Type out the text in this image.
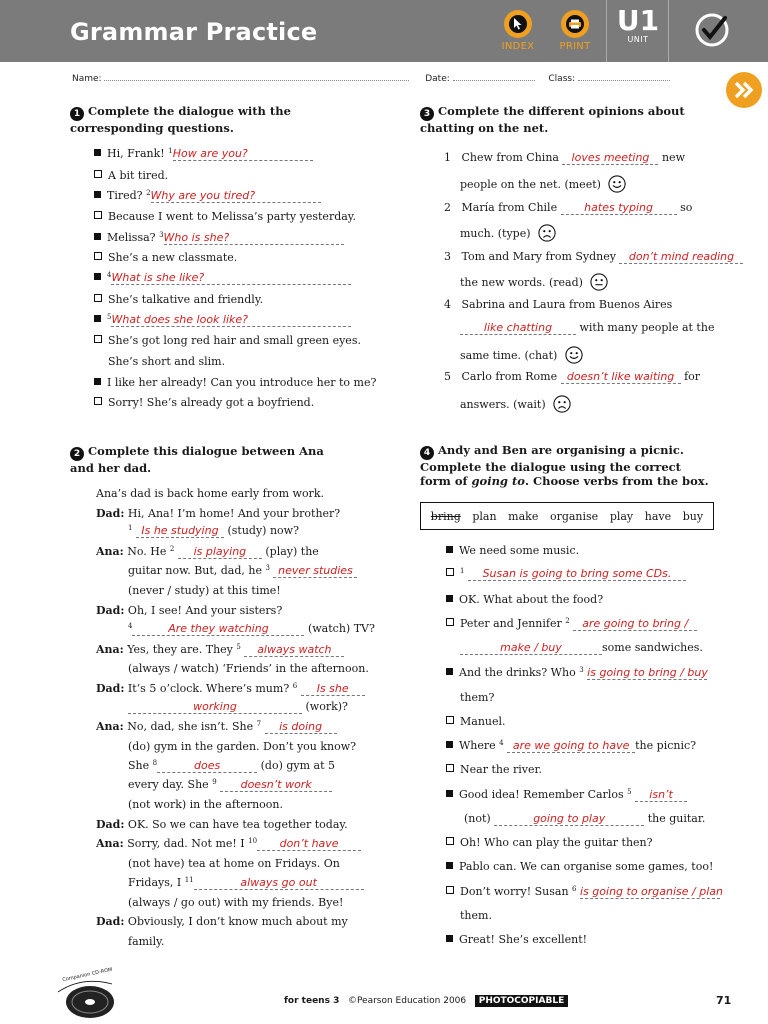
Grammar Practice
INDEX	PRINT
U1
UNIT
Name:	Date:	Class:
1 Complete the dialogue with the
corresponding questions.
Hi, Frank! $^1$How are you?
A bit tired.
Tired? $^2$Why are you tired?
Because I went to Melissa’s party yesterday.
Melissa? $^3$Who is she?
She’s a new classmate.
$^4$What is she like?
She’s talkative and friendly.
$^5$What does she look like?
She’s got long red hair and small green eyes.
She’s short and slim.
I like her already! Can you introduce her to me?
Sorry! She’s already got a boyfriend.
2 Complete this dialogue between Ana
and her dad.
Ana’s dad is back home early from work.
Dad: Hi, Ana! I’m home! And your brother?
$^1$ Is he studying (study) now?
Ana: No. He $^2$ is playing (play) the
guitar now. But, dad, he $^3$ never studies
(never / study) at this time!
Dad: Oh, I see! And your sisters?
$^4$	Are they watching	(watch) TV?
Ana: Yes, they are. They $^5$ always watch
(always / watch) ‘Friends’ in the afternoon.
Dad: It’s 5 o’clock. Where’s mum? $^6$ Is she
working	(work)?
Ana: No, dad, she isn’t. She $^7$ is doing
(do) gym in the garden. Don’t you know?
She $^8$	does	(do) gym at 5
every day. She $^9$ doesn’t work
(not work) in the afternoon.
Dad: OK. So we can have tea together today.
Ana: Sorry, dad. Not me! I $^{10}$ don’t have
(not have) tea at home on Fridays. On
Fridays, I $^{11}$	always go out
(always / go out) with my friends. Bye!
Dad: Obviously, I don’t know much about my
family.
3 Complete the different opinions about
chatting on the net.
1   Chew from China loves meeting new
people on the net. (meet)
2   María from Chile hates typing so
much. (type)
3   Tom and Mary from Sydney don’t mind reading
the new words. (read)
4   Sabrina and Laura from Buenos Aires
like chatting with many people at the
same time. (chat)
5   Carlo from Rome doesn’t like waiting for
answers. (wait)
4 Andy and Ben are organising a picnic.
Complete the dialogue using the correct
form of going to. Choose verbs from the box.
bring plan make organise play have buy
We need some music.
$^1$ Susan is going to bring some CDs.
OK. What about the food?
Peter and Jennifer $^2$ are going to bring /
make / buy	some sandwiches.
And the drinks? Who $^3$ is going to bring / buy
them?
Manuel.
Where $^4$ are we going to have the picnic?
Near the river.
Good idea! Remember Carlos $^5$ isn’t
(not)	going to play	the guitar.
Oh! Who can play the guitar then?
Pablo can. We can organise some games, too!
Don’t worry! Susan $^6$ is going to organise / plan
them.
Great! She’s excellent!
Companion CD-ROM
for teens 3 ©Pearson Education 2006 PHOTOCOPIABLE	71
